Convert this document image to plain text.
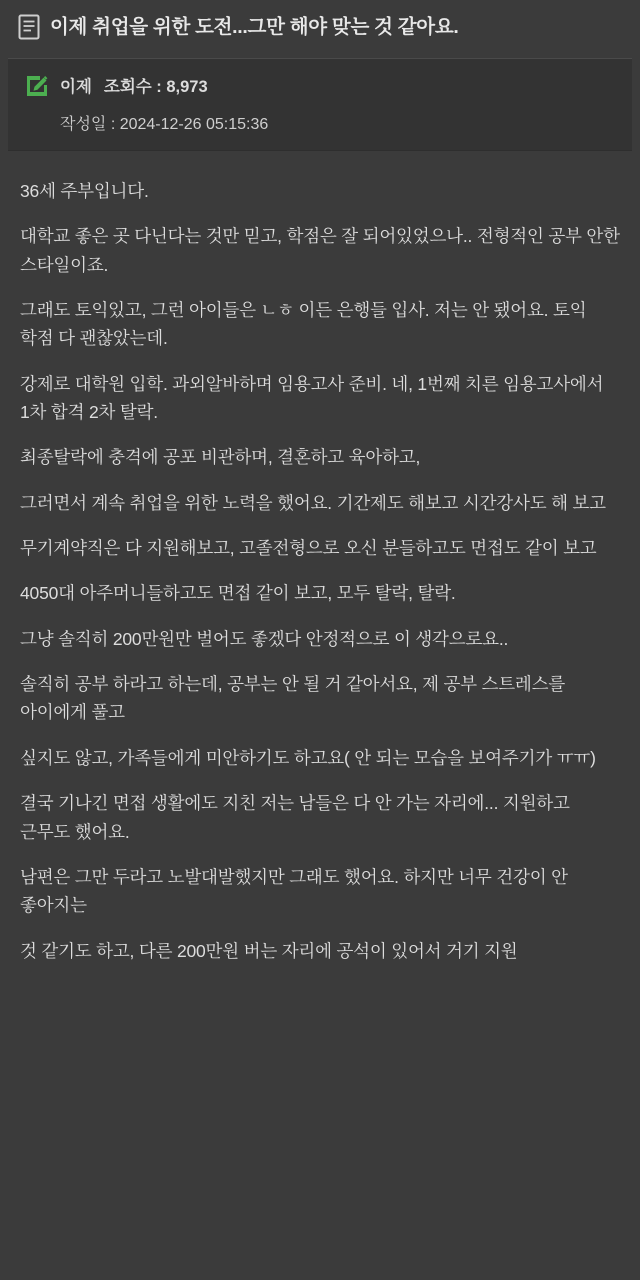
이제 취업을 위한 도전...그만 해야 맞는 것 같아요.
이제 조회수 : 8,973
작성일 : 2024-12-26 05:15:36

36세 주부입니다.

대학교 좋은 곳 다닌다는 것만 믿고, 학점은 잘 되어있었으나.. 전형적인 공부 안한 스타일이죠.

그래도 토익있고, 그런 아이들은 ㄴㅎ 이든 은행들 입사. 저는 안 됐어요. 토익 학점 다 괜찮았는데.

강제로 대학원 입학. 과외알바하며 임용고사 준비. 네, 1번째 치른 임용고사에서 1차 합격 2차 탈락.

최종탈락에 충격에 공포 비관하며, 결혼하고 육아하고,

그러면서 계속 취업을 위한 노력을 했어요. 기간제도 해보고 시간강사도 해 보고

무기계약직은 다 지원해보고, 고졸전형으로 오신 분들하고도 면접도 같이 보고

4050대 아주머니들하고도 면접 같이 보고, 모두 탈락, 탈락.

그냥 솔직히 200만원만 벌어도 좋겠다 안정적으로 이 생각으로요..

솔직히 공부 하라고 하는데, 공부는 안 될 거 같아서요, 제 공부 스트레스를 아이에게 풀고

싶지도 않고, 가족들에게 미안하기도 하고요( 안 되는 모습을 보여주기가 ㅠㅠ)

결국 기나긴 면접 생활에도 지친 저는 남들은 다 안 가는 자리에... 지원하고 근무도 했어요.

남편은 그만 두라고 노발대발했지만 그래도 했어요. 하지만 너무 건강이 안 좋아지는

것 같기도 하고, 다른 200만원 버는 자리에 공석이 있어서 거기 지원
